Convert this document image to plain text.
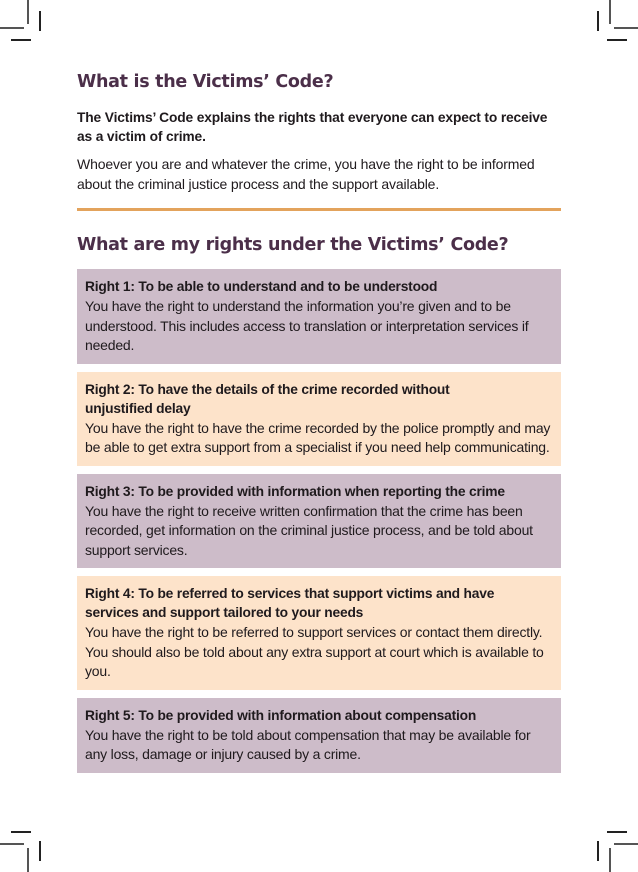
What is the Victims’ Code?
The Victims’ Code explains the rights that everyone can expect to receive as a victim of crime.
Whoever you are and whatever the crime, you have the right to be informed about the criminal justice process and the support available.
What are my rights under the Victims’ Code?
Right 1: To be able to understand and to be understood
You have the right to understand the information you’re given and to be understood. This includes access to translation or interpretation services if needed.
Right 2: To have the details of the crime recorded without unjustified delay
You have the right to have the crime recorded by the police promptly and may be able to get extra support from a specialist if you need help communicating.
Right 3: To be provided with information when reporting the crime
You have the right to receive written confirmation that the crime has been recorded, get information on the criminal justice process, and be told about support services.
Right 4: To be referred to services that support victims and have services and support tailored to your needs
You have the right to be referred to support services or contact them directly. You should also be told about any extra support at court which is available to you.
Right 5: To be provided with information about compensation
You have the right to be told about compensation that may be available for any loss, damage or injury caused by a crime.
